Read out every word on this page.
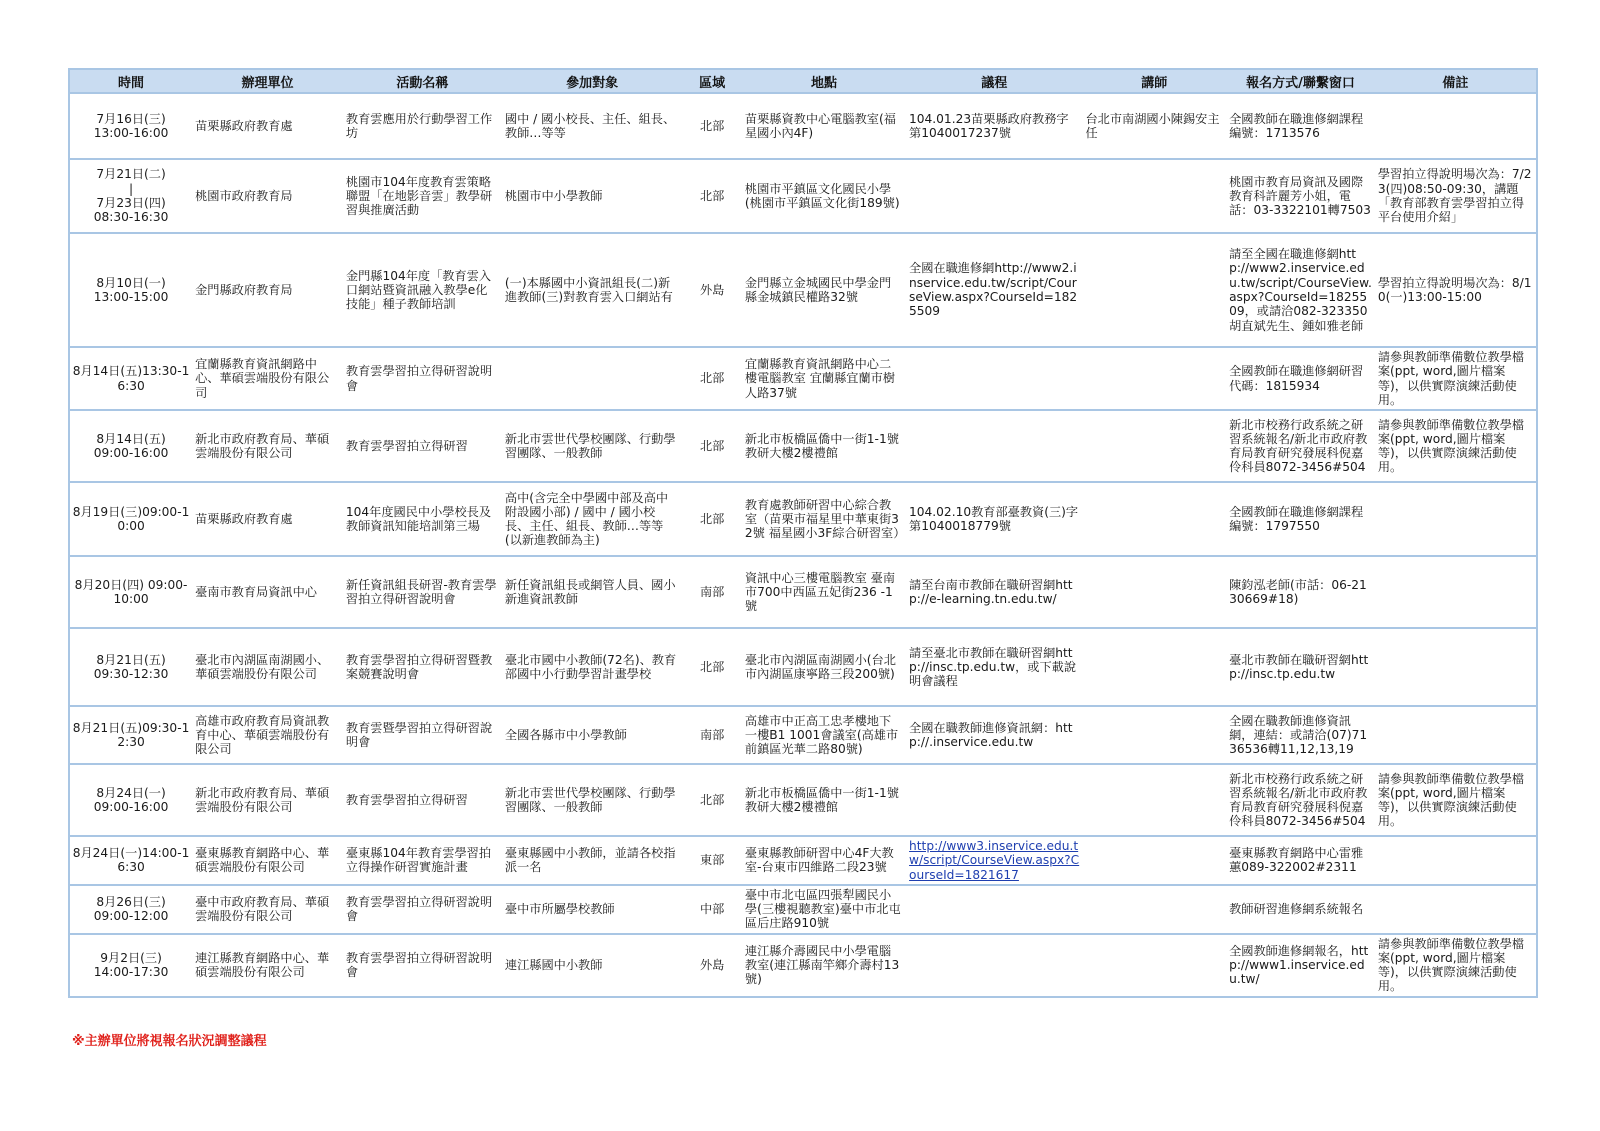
時間	辦理單位	活動名稱	參加對象	區域	地點	議程	講師	報名方式/聯繫窗口	備註

7月16日(三)
13:00-16:00	苗栗縣政府教育處	教育雲應用於行動學習工作坊	國中 / 國小校長、主任、組長、教師…等等	北部	苗栗縣資教中心電腦教室(福星國小內4F)	104.01.23苗栗縣政府教務字第1040017237號	台北市南湖國小陳錫安主任	全國教師在職進修網課程編號：1713576	

7月21日(二)
|
7月23日(四)
08:30-16:30	桃園市政府教育局	桃園市104年度教育雲策略聯盟「在地影音雲」教學研習與推廣活動	桃園市中小學教師	北部	桃園市平鎮區文化國民小學(桃園市平鎮區文化街189號)			桃園市教育局資訊及國際教育科許麗芳小姐，電話：03-3322101轉7503	學習拍立得說明場次為：7/23(四)08:50-09:30，講題「教育部教育雲學習拍立得平台使用介紹」

8月10日(一)
13:00-15:00	金門縣政府教育局	金門縣104年度「教育雲入口網站暨資訊融入教學e化技能」種子教師培訓	(一)本縣國中小資訊組長(二)新進教師(三)對教育雲入口網站有	外島	金門縣立金城國民中學金門縣金城鎮民權路32號	全國在職進修網http://www2.inservice.edu.tw/script/CourseView.aspx?CourseId=1825509		請至全國在職進修網http://www2.inservice.edu.tw/script/CourseView.aspx?CourseId=1825509，或請洽082-323350胡直斌先生、鍾如雅老師	學習拍立得說明場次為：8/10(一)13:00-15:00

8月14日(五)13:30-16:30	宜蘭縣教育資訊網路中心、華碩雲端股份有限公司	教育雲學習拍立得研習說明會		北部	宜蘭縣教育資訊網路中心二樓電腦教室 宜蘭縣宜蘭市樹人路37號			全國教師在職進修網研習代碼：1815934	請參與教師準備數位教學檔案(ppt, word,圖片檔案等)，以供實際演練活動使用。

8月14日(五)
09:00-16:00	新北市政府教育局、華碩雲端股份有限公司	教育雲學習拍立得研習	新北市雲世代學校團隊、行動學習團隊、一般教師	北部	新北市板橋區僑中一街1-1號教研大樓2樓禮館			新北市校務行政系統之研習系統報名/新北市政府教育局教育研究發展科倪嘉伶科員8072-3456#504	請參與教師準備數位教學檔案(ppt, word,圖片檔案等)，以供實際演練活動使用。

8月19日(三)09:00-10:00	苗栗縣政府教育處	104年度國民中小學校長及教師資訊知能培訓第三場	高中(含完全中學國中部及高中附設國小部) / 國中 / 國小校長、主任、組長、教師…等等(以新進教師為主)	北部	教育處教師研習中心綜合教室（苗栗市福星里中華東街32號 福星國小3F綜合研習室）	104.02.10教育部臺教資(三)字第1040018779號		全國教師在職進修網課程編號：1797550	

8月20日(四) 09:00-10:00	臺南市教育局資訊中心	新任資訊組長研習-教育雲學習拍立得研習說明會	新任資訊組長或網管人員、國小新進資訊教師	南部	資訊中心三樓電腦教室 臺南市700中西區五妃街236 -1號	請至台南市教師在職研習網http://e-learning.tn.edu.tw/		陳鈞泓老師(市話：06-2130669#18)	

8月21日(五)
09:30-12:30	臺北市內湖區南湖國小、華碩雲端股份有限公司	教育雲學習拍立得研習暨教案競賽說明會	臺北市國中小教師(72名)、教育部國中小行動學習計畫學校	北部	臺北市內湖區南湖國小(台北市內湖區康寧路三段200號)	請至臺北市教師在職研習網http://insc.tp.edu.tw，或下載說明會議程		臺北市教師在職研習網http://insc.tp.edu.tw	

8月21日(五)09:30-12:30	高雄市政府教育局資訊教育中心、華碩雲端股份有限公司	教育雲暨學習拍立得研習說明會	全國各縣市中小學教師	南部	高雄市中正高工忠孝樓地下一樓B1 1001會議室(高雄市前鎮區光華二路80號)	全國在職教師進修資訊網：http://.inservice.edu.tw		全國在職教師進修資訊網，連結：或請洽(07)7136536轉11,12,13,19	

8月24日(一)
09:00-16:00	新北市政府教育局、華碩雲端股份有限公司	教育雲學習拍立得研習	新北市雲世代學校團隊、行動學習團隊、一般教師	北部	新北市板橋區僑中一街1-1號教研大樓2樓禮館			新北市校務行政系統之研習系統報名/新北市政府教育局教育研究發展科倪嘉伶科員8072-3456#504	請參與教師準備數位教學檔案(ppt, word,圖片檔案等)，以供實際演練活動使用。

8月24日(一)14:00-16:30	臺東縣教育網路中心、華碩雲端股份有限公司	臺東縣104年教育雲學習拍立得操作研習實施計畫	臺東縣國中小教師，並請各校指派一名	東部	臺東縣教師研習中心4F大教室-台東市四維路二段23號	http://www3.inservice.edu.tw/script/CourseView.aspx?CourseId=1821617		臺東縣教育網路中心雷雅蕙089-322002#2311	

8月26日(三)
09:00-12:00	臺中市政府教育局、華碩雲端股份有限公司	教育雲學習拍立得研習說明會	臺中市所屬學校教師	中部	臺中市北屯區四張犁國民小學(三樓視聽教室)臺中市北屯區后庄路910號			教師研習進修網系統報名	

9月2日(三)
14:00-17:30	連江縣教育網路中心、華碩雲端股份有限公司	教育雲學習拍立得研習說明會	連江縣國中小教師	外島	連江縣介壽國民中小學電腦教室(連江縣南竿鄉介壽村13號)			全國教師進修網報名，http://www1.inservice.edu.tw/	請參與教師準備數位教學檔案(ppt, word,圖片檔案等)，以供實際演練活動使用。
※主辦單位將視報名狀況調整議程
